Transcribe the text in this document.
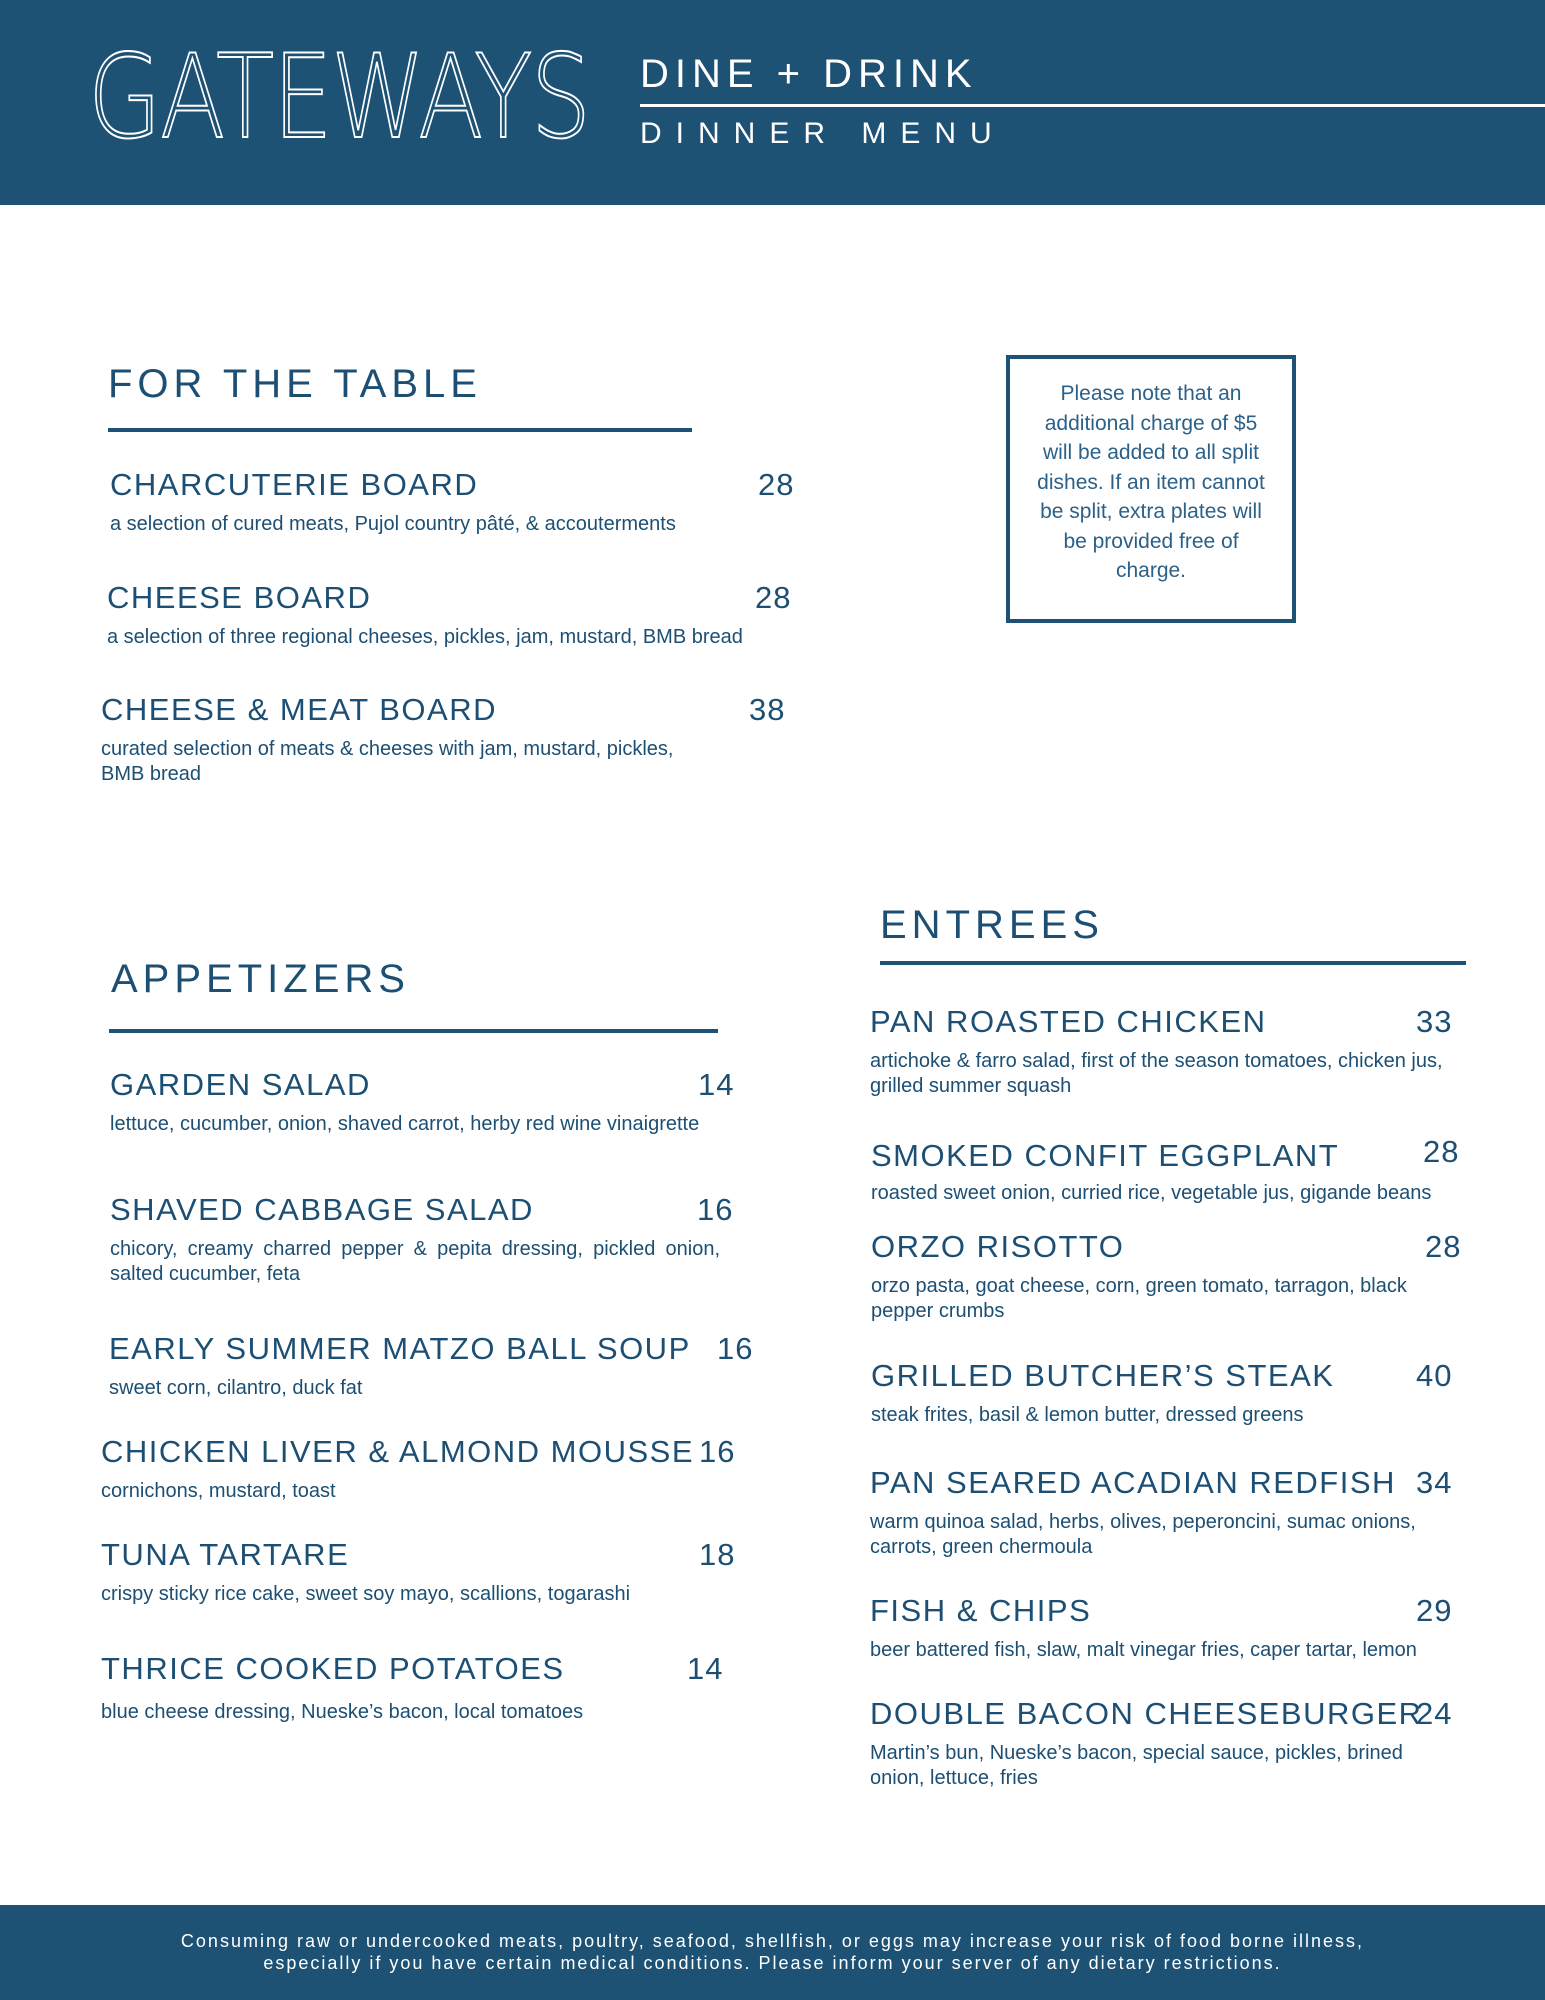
GATEWAYS DINE + DRINK
DINNER MENU
FOR THE TABLE
CHARCUTERIE BOARD	28
a selection of cured meats, Pujol country pâté, & accouterments
CHEESE BOARD	28
a selection of three regional cheeses, pickles, jam, mustard, BMB bread
CHEESE & MEAT BOARD	38
curated selection of meats & cheeses with jam, mustard, pickles, BMB bread
Please note that an additional charge of $5 will be added to all split dishes. If an item cannot be split, extra plates will be provided free of charge.
APPETIZERS
GARDEN SALAD	14
lettuce, cucumber, onion, shaved carrot, herby red wine vinaigrette
SHAVED CABBAGE SALAD	16
chicory, creamy charred pepper & pepita dressing, pickled onion, salted cucumber, feta
EARLY SUMMER MATZO BALL SOUP 16
sweet corn, cilantro, duck fat
CHICKEN LIVER & ALMOND MOUSSE 16
cornichons, mustard, toast
TUNA TARTARE	18
crispy sticky rice cake, sweet soy mayo, scallions, togarashi
THRICE COOKED POTATOES	14
blue cheese dressing, Nueske’s bacon, local tomatoes
ENTREES
PAN ROASTED CHICKEN	33
artichoke & farro salad, first of the season tomatoes, chicken jus, grilled summer squash
SMOKED CONFIT EGGPLANT	28
roasted sweet onion, curried rice, vegetable jus, gigande beans
ORZO RISOTTO	28
orzo pasta, goat cheese, corn, green tomato, tarragon, black pepper crumbs
GRILLED BUTCHER’S STEAK	40
steak frites, basil & lemon butter, dressed greens
PAN SEARED ACADIAN REDFISH 34
warm quinoa salad, herbs, olives, peperoncini, sumac onions, carrots, green chermoula
FISH & CHIPS	29
beer battered fish, slaw, malt vinegar fries, caper tartar, lemon
DOUBLE BACON CHEESEBURGER
24
Martin’s bun, Nueske’s bacon, special sauce, pickles, brined onion, lettuce, fries
Consuming raw or undercooked meats, poultry, seafood, shellfish, or eggs may increase your risk of food borne illness, especially if you have certain medical conditions. Please inform your server of any dietary restrictions.
